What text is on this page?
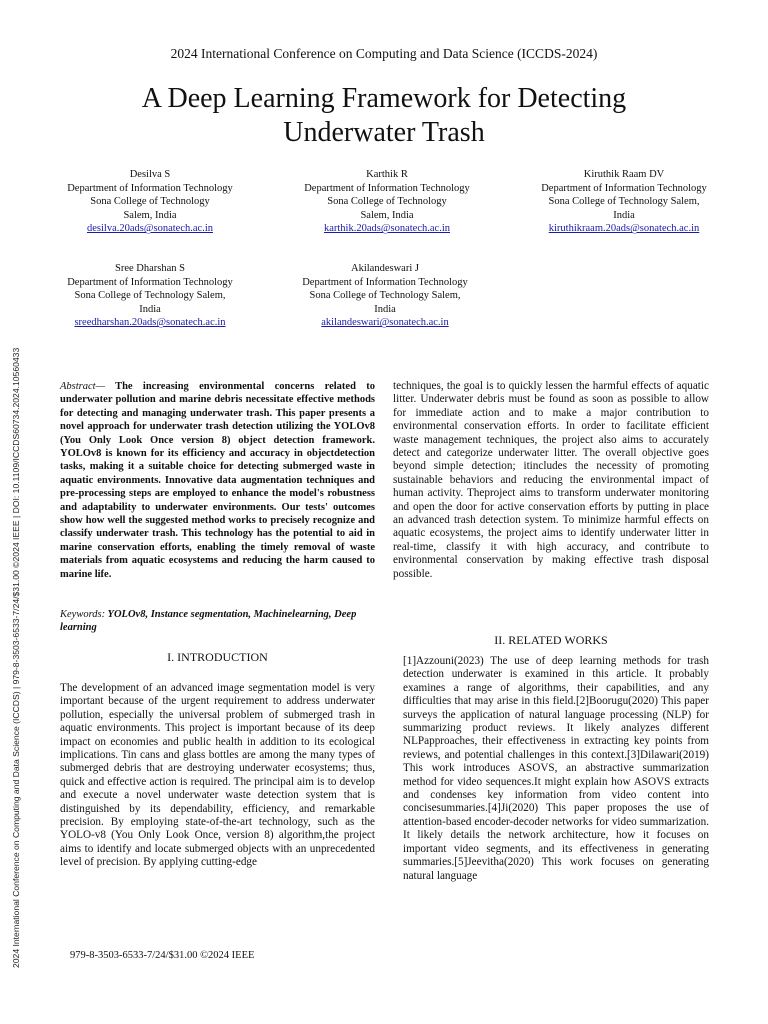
2024 International Conference on Computing and Data Science (ICCDS-2024)
A Deep Learning Framework for Detecting
Underwater Trash
Desilva S
Department of Information Technology
Sona College of Technology
Salem, India
desilva.20ads@sonatech.ac.in
Karthik R
Department of Information Technology
Sona College of Technology
Salem, India
karthik.20ads@sonatech.ac.in
Kiruthik Raam DV
Department of Information Technology
Sona College of Technology Salem,
India
kiruthikraam.20ads@sonatech.ac.in
Sree Dharshan S
Department of Information Technology
Sona College of Technology Salem,
India
sreedharshan.20ads@sonatech.ac.in
Akilandeswari J
Department of Information Technology
Sona College of Technology Salem,
India
akilandeswari@sonatech.ac.in
2024 International Conference on Computing and Data Science (ICCDS) | 979-8-3503-6533-7/24/$31.00 ©2024 IEEE | DOI: 10.1109/ICCDS60734.2024.10560433	Abstract— The increasing environmental concerns related to underwater pollution and marine debris necessitate effective methods for detecting and managing underwater trash. This paper presents a novel approach for underwater trash detection utilizing the YOLOv8 (You Only Look Once version 8) object detection framework. YOLOv8 is known for its efficiency and accuracy in objectdetection tasks, making it a suitable choice for detecting submerged waste in aquatic environments. Innovative data augmentation techniques and pre-processing steps are employed to enhance the model's robustness and adaptability to underwater environments. Our tests' outcomes show how well the suggested method works to precisely recognize and classify underwater trash. This technology has the potential to aid in marine conservation efforts, enabling the timely removal of waste materials from aquatic ecosystems and reducing the harm caused to marine life.
Keywords: YOLOv8, Instance segmentation, Machinelearning, Deep learning
I. INTRODUCTION
The development of an advanced image segmentation model is very important because of the urgent requirement to address underwater pollution, especially the universal problem of submerged trash in aquatic environments. This project is important because of its deep impact on economies and public health in addition to its ecological implications. Tin cans and glass bottles are among the many types of submerged debris that are destroying underwater ecosystems; thus, quick and effective action is required. The principal aim is to develop and execute a novel underwater waste detection system that is distinguished by its dependability, efficiency, and remarkable precision. By employing state-of-the-art technology, such as the YOLO-v8 (You Only Look Once, version 8) algorithm,the project aims to identify and locate submerged objects with an unprecedented level of precision. By applying cutting-edge
techniques, the goal is to quickly lessen the harmful effects of aquatic litter. Underwater debris must be found as soon as possible to allow for immediate action and to make a major contribution to environmental conservation efforts. In order to facilitate efficient waste management techniques, the project also aims to accurately detect and categorize underwater litter. The overall objective goes beyond simple detection; itincludes the necessity of promoting sustainable behaviors and reducing the environmental impact of human activity. Theproject aims to transform underwater monitoring and open the door for active conservation efforts by putting in place an advanced trash detection system. To minimize harmful effects on aquatic ecosystems, the project aims to identify underwater litter in real-time, classify it with high accuracy, and contribute to environmental conservation by making effective trash disposal possible.
II. RELATED WORKS
[1]Azzouni(2023) The use of deep learning methods for trash detection underwater is examined in this article. It probably examines a range of algorithms, their capabilities, and any difficulties that may arise in this field.[2]Boorugu(2020) This paper surveys the application of natural language processing (NLP) for summarizing product reviews. It likely analyzes different NLPapproaches, their effectiveness in extracting key points from reviews, and potential challenges in this context.[3]Dilawari(2019) This work introduces ASOVS, an abstractive summarization method for video sequences.It might explain how ASOVS extracts and condenses key information from video content into concisesummaries.[4]Ji(2020) This paper proposes the use of attention-based encoder-decoder networks for video summarization. It likely details the network architecture, how it focuses on important video segments, and its effectiveness in generating summaries.[5]Jeevitha(2020) This work focuses on generating natural language
979-8-3503-6533-7/24/$31.00 ©2024 IEEE
